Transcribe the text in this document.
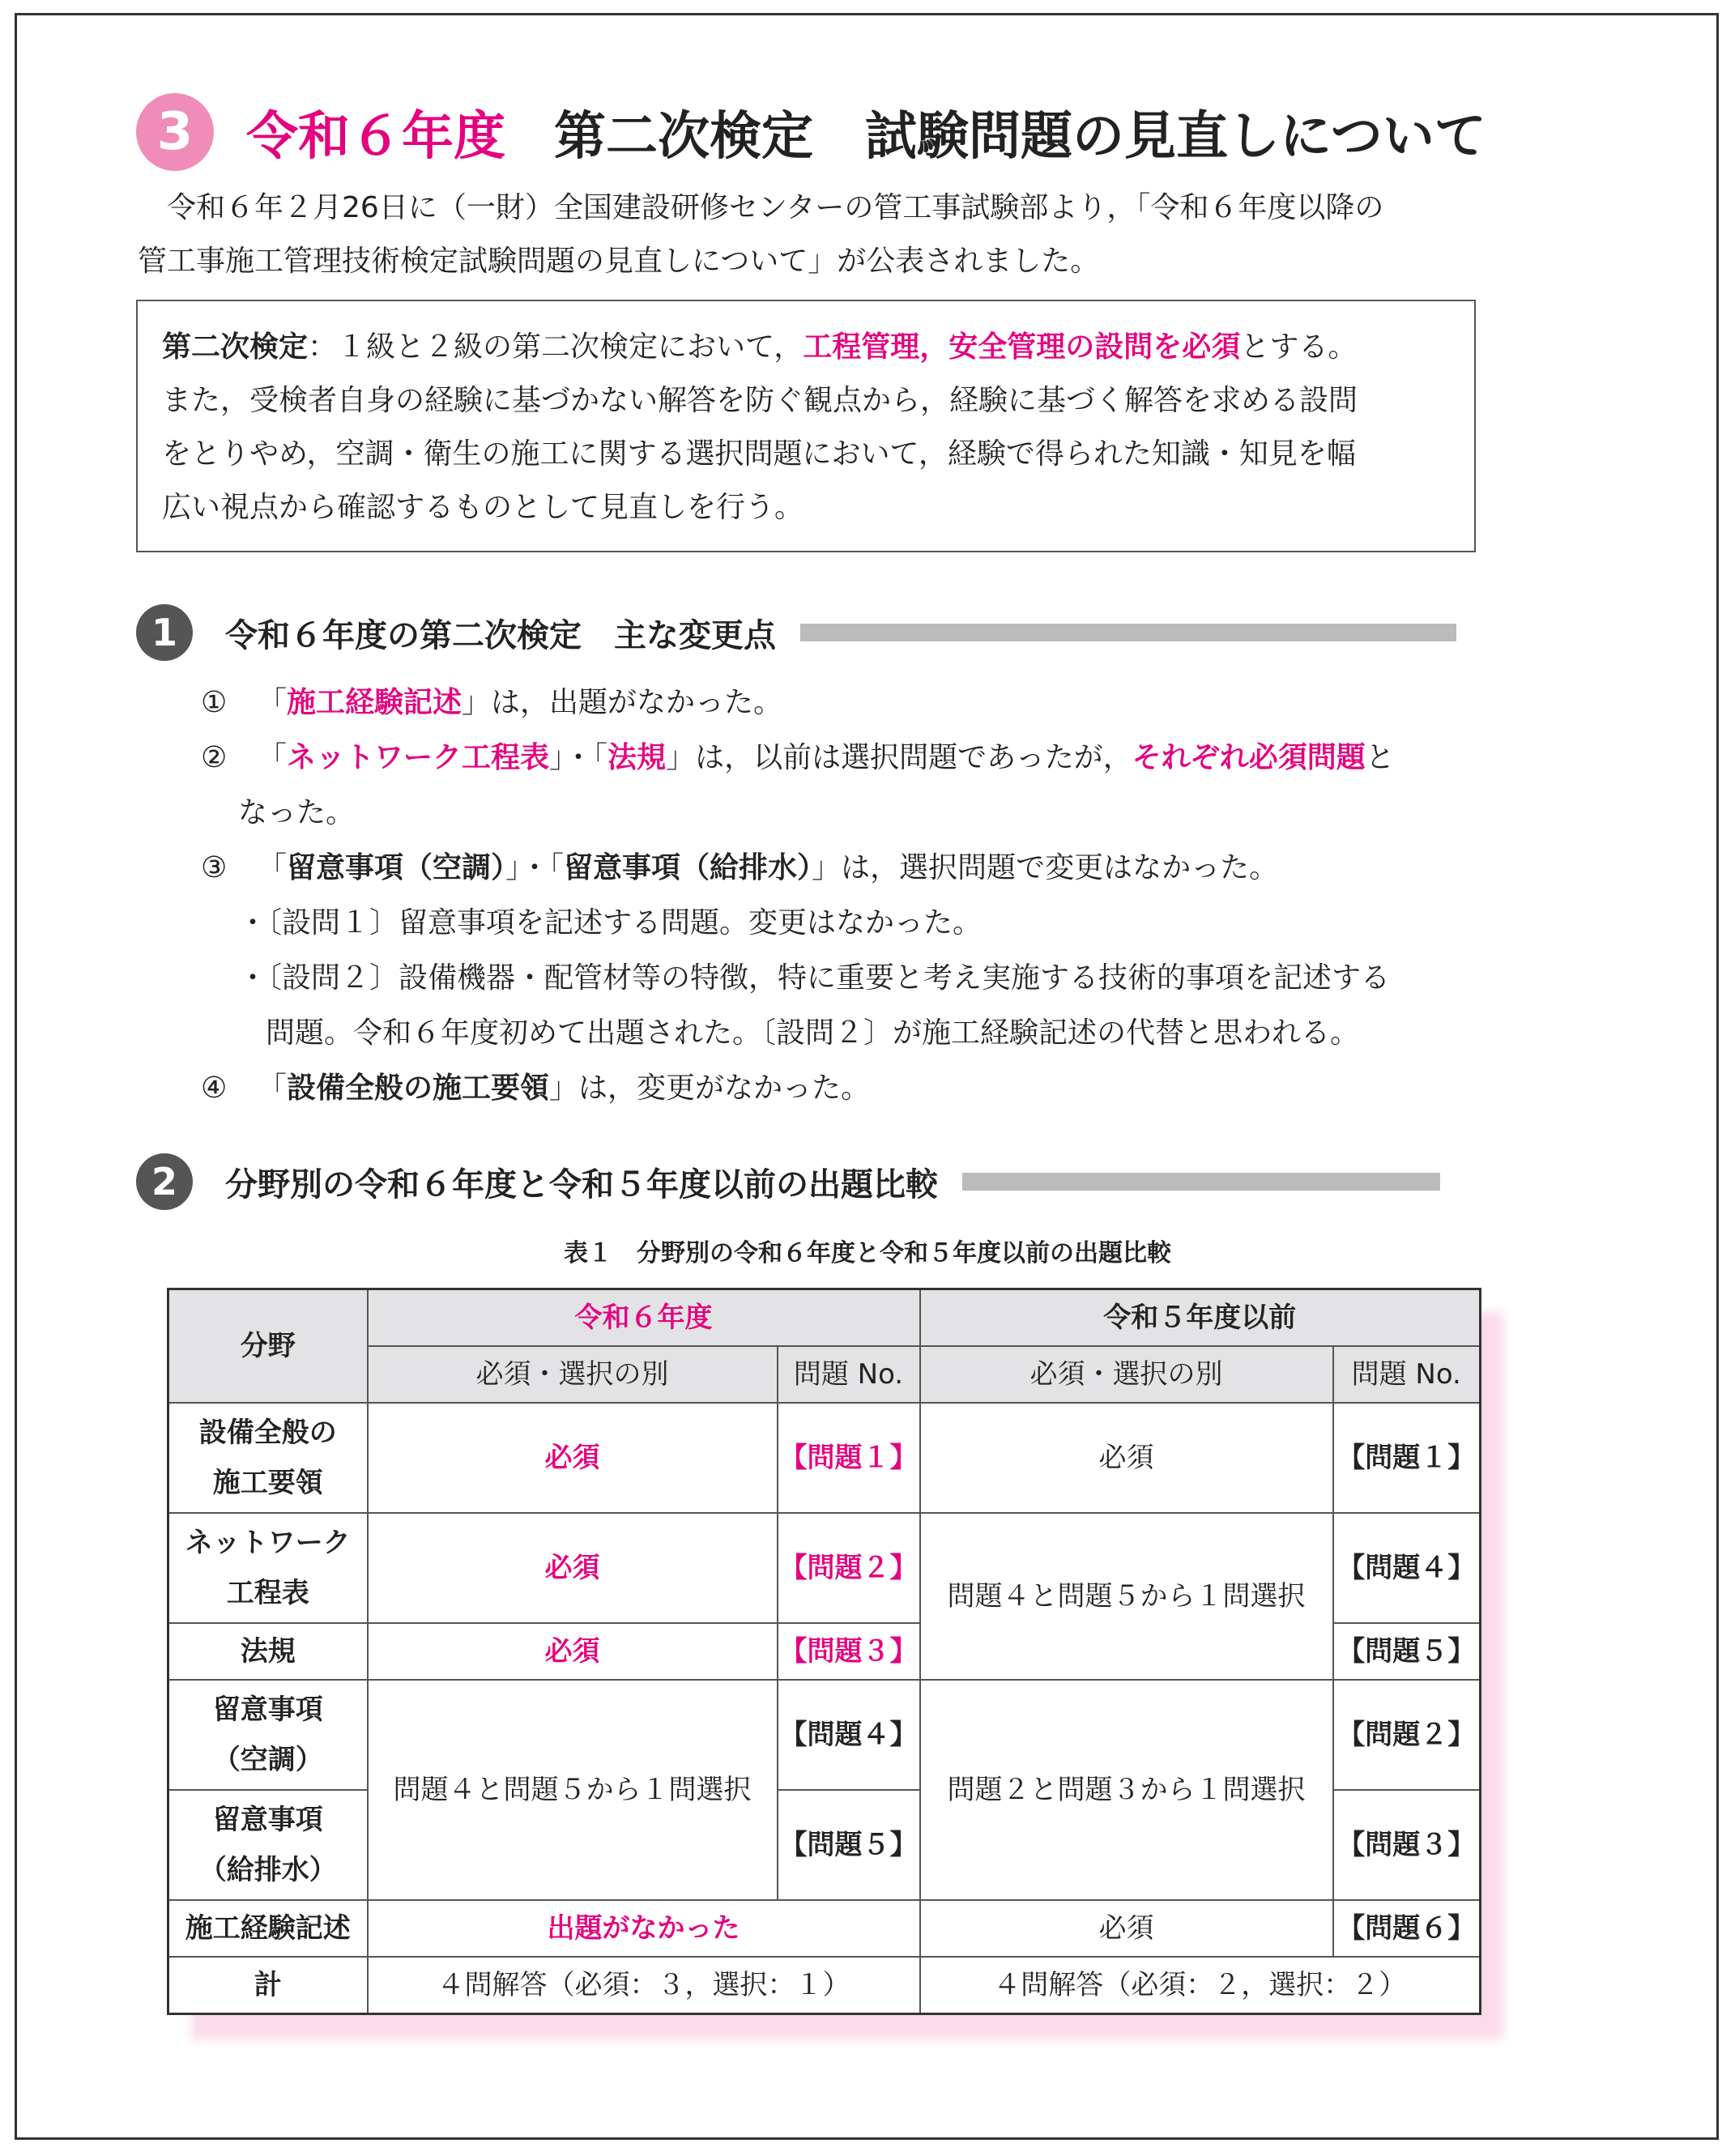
3	令和６年度 第二次検定　試験問題の見直しについて

　令和６年２月26日に（一財）全国建設研修センターの管工事試験部より，「令和６年度以降の

管工事施工管理技術検定試験問題の見直しについて」が公表されました。

第二次検定：１級と２級の第二次検定において，工程管理，安全管理の設問を必須とする。

また，受検者自身の経験に基づかない解答を防ぐ観点から，経験に基づく解答を求める設問

をとりやめ，空調・衛生の施工に関する選択問題において，経験で得られた知識・知見を幅

広い視点から確認するものとして見直しを行う。

1	令和６年度の第二次検定　主な変更点
①	「施工経験記述」は，出題がなかった。
②	「ネットワーク工程表」・「法規」は，以前は選択問題であったが，それぞれ必須問題と
なった。
③	「留意事項（空調）」・「留意事項（給排水）」は，選択問題で変更はなかった。
・〔設問１〕留意事項を記述する問題。変更はなかった。
・〔設問２〕設備機器・配管材等の特徴，特に重要と考え実施する技術的事項を記述する
問題。令和６年度初めて出題された。〔設問２〕が施工経験記述の代替と思われる。
④	「設備全般の施工要領」は，変更がなかった。
2	分野別の令和６年度と令和５年度以前の出題比較
表１　分野別の令和６年度と令和５年度以前の出題比較
分野	令和６年度		令和５年度以前	
	必須・選択の別	問題 No.	必須・選択の別	問題 No.
設備全般の
施工要領	必須	【問題１】	必須	【問題１】
ネットワーク
工程表	必須	【問題２】	問題４と問題５から１問選択	【問題４】
法規	必須	【問題３】		【問題５】
留意事項
（空調）	問題４と問題５から１問選択	【問題４】	問題２と問題３から１問選択	【問題２】
留意事項
（給排水）		【問題５】		【問題３】
施工経験記述	出題がなかった		必須	【問題６】
計	４問解答（必須：３，選択：１）		４問解答（必須：２，選択：２）	
